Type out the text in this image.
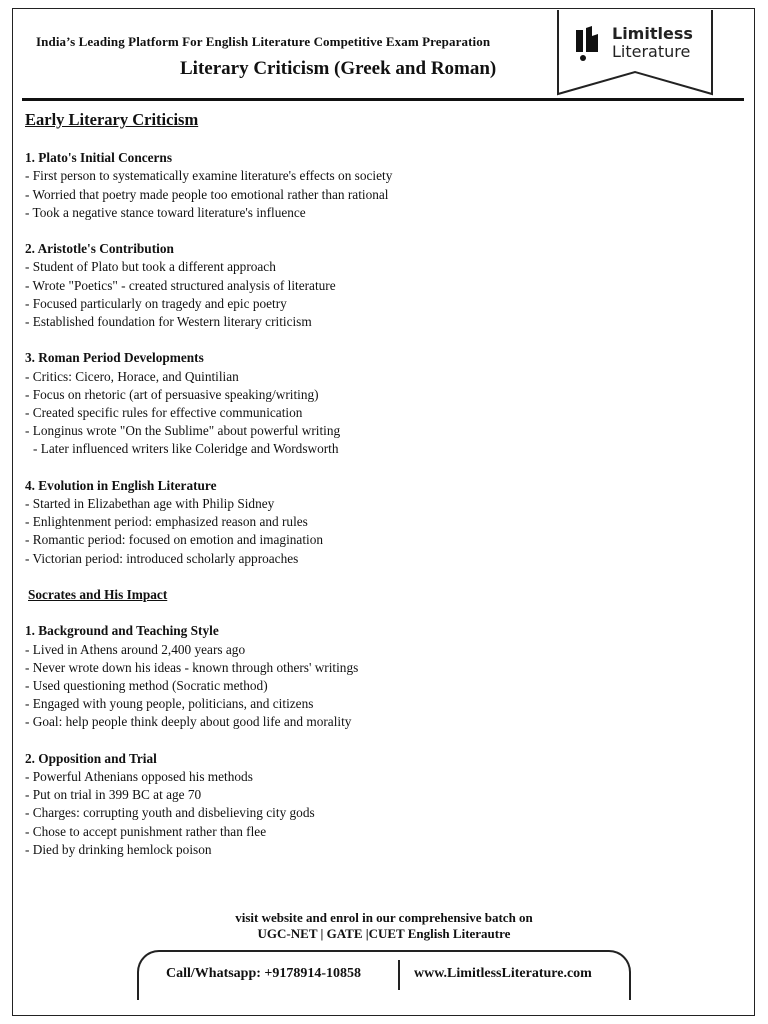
India’s Leading Platform For English Literature Competitive Exam Preparation
Literary Criticism (Greek and Roman)
Limitless
Literature

Early Literary Criticism

1. Plato's Initial Concerns

- First person to systematically examine literature's effects on society

- Worried that poetry made people too emotional rather than rational

- Took a negative stance toward literature's influence

2. Aristotle's Contribution

- Student of Plato but took a different approach

- Wrote "Poetics" - created structured analysis of literature

- Focused particularly on tragedy and epic poetry

- Established foundation for Western literary criticism

3. Roman Period Developments

- Critics: Cicero, Horace, and Quintilian

- Focus on rhetoric (art of persuasive speaking/writing)

- Created specific rules for effective communication

- Longinus wrote "On the Sublime" about powerful writing

- Later influenced writers like Coleridge and Wordsworth

4. Evolution in English Literature

- Started in Elizabethan age with Philip Sidney

- Enlightenment period: emphasized reason and rules

- Romantic period: focused on emotion and imagination

- Victorian period: introduced scholarly approaches

Socrates and His Impact

1. Background and Teaching Style

- Lived in Athens around 2,400 years ago

- Never wrote down his ideas - known through others' writings

- Used questioning method (Socratic method)

- Engaged with young people, politicians, and citizens

- Goal: help people think deeply about good life and morality

2. Opposition and Trial

- Powerful Athenians opposed his methods

- Put on trial in 399 BC at age 70

- Charges: corrupting youth and disbelieving city gods

- Chose to accept punishment rather than flee

- Died by drinking hemlock poison

visit website and enrol in our comprehensive batch on
UGC-NET | GATE |CUET English Literautre
Call/Whatsapp: +9178914-10858	www.LimitlessLiterature.com
